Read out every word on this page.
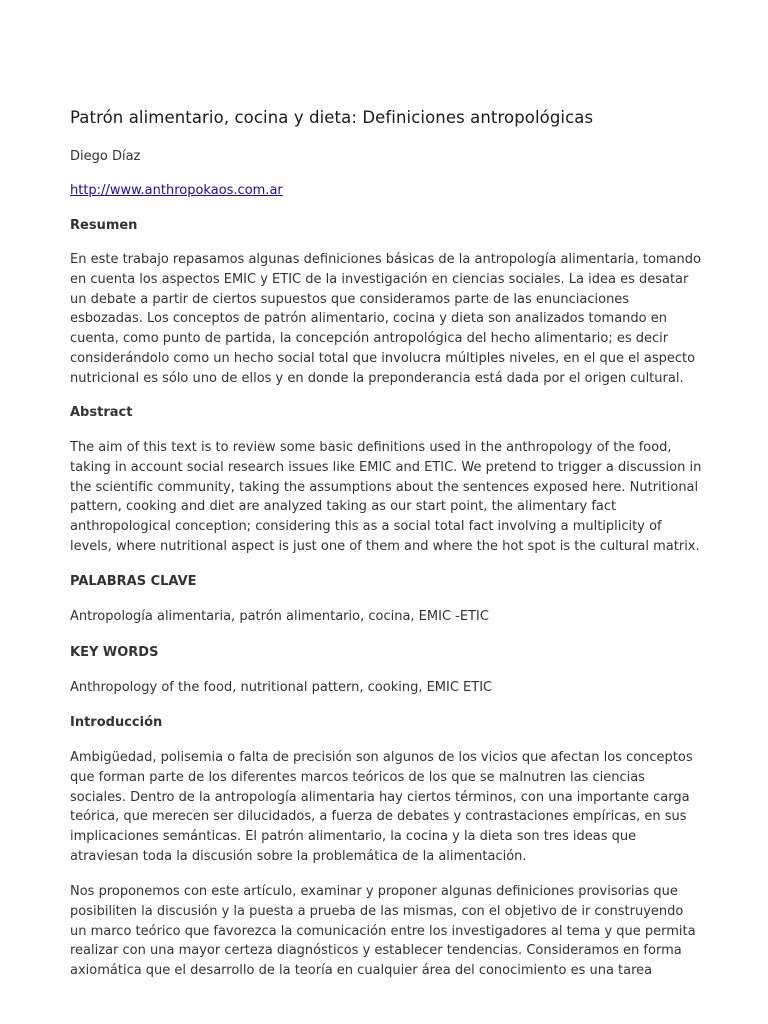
Patrón alimentario, cocina y dieta: Definiciones antropológicas

Diego Díaz

http://www.anthropokaos.com.ar
Resumen
En este trabajo repasamos algunas definiciones básicas de la antropología alimentaria, tomando
en cuenta los aspectos EMIC y ETIC de la investigación en ciencias sociales. La idea es desatar
un debate a partir de ciertos supuestos que consideramos parte de las enunciaciones
esbozadas. Los conceptos de patrón alimentario, cocina y dieta son analizados tomando en
cuenta, como punto de partida, la concepción antropológica del hecho alimentario; es decir
considerándolo como un hecho social total que involucra múltiples niveles, en el que el aspecto
nutricional es sólo uno de ellos y en donde la preponderancia está dada por el origen cultural.
Abstract
The aim of this text is to review some basic definitions used in the anthropology of the food,
taking in account social research issues like EMIC and ETIC. We pretend to trigger a discussion in
the scientific community, taking the assumptions about the sentences exposed here. Nutritional
pattern, cooking and diet are analyzed taking as our start point, the alimentary fact
anthropological conception; considering this as a social total fact involving a multiplicity of
levels, where nutritional aspect is just one of them and where the hot spot is the cultural matrix.
PALABRAS CLAVE

Antropología alimentaria, patrón alimentario, cocina, EMIC -ETIC

KEY WORDS

Anthropology of the food, nutritional pattern, cooking, EMIC ETIC

Introducción
Ambigüedad, polisemia o falta de precisión son algunos de los vicios que afectan los conceptos
que forman parte de los diferentes marcos teóricos de los que se malnutren las ciencias
sociales. Dentro de la antropología alimentaria hay ciertos términos, con una importante carga
teórica, que merecen ser dilucidados, a fuerza de debates y contrastaciones empíricas, en sus
implicaciones semánticas. El patrón alimentario, la cocina y la dieta son tres ideas que
atraviesan toda la discusión sobre la problemática de la alimentación.
Nos proponemos con este artículo, examinar y proponer algunas definiciones provisorias que
posibiliten la discusión y la puesta a prueba de las mismas, con el objetivo de ir construyendo
un marco teórico que favorezca la comunicación entre los investigadores al tema y que permita
realizar con una mayor certeza diagnósticos y establecer tendencias. Consideramos en forma
axiomática que el desarrollo de la teoría en cualquier área del conocimiento es una tarea
